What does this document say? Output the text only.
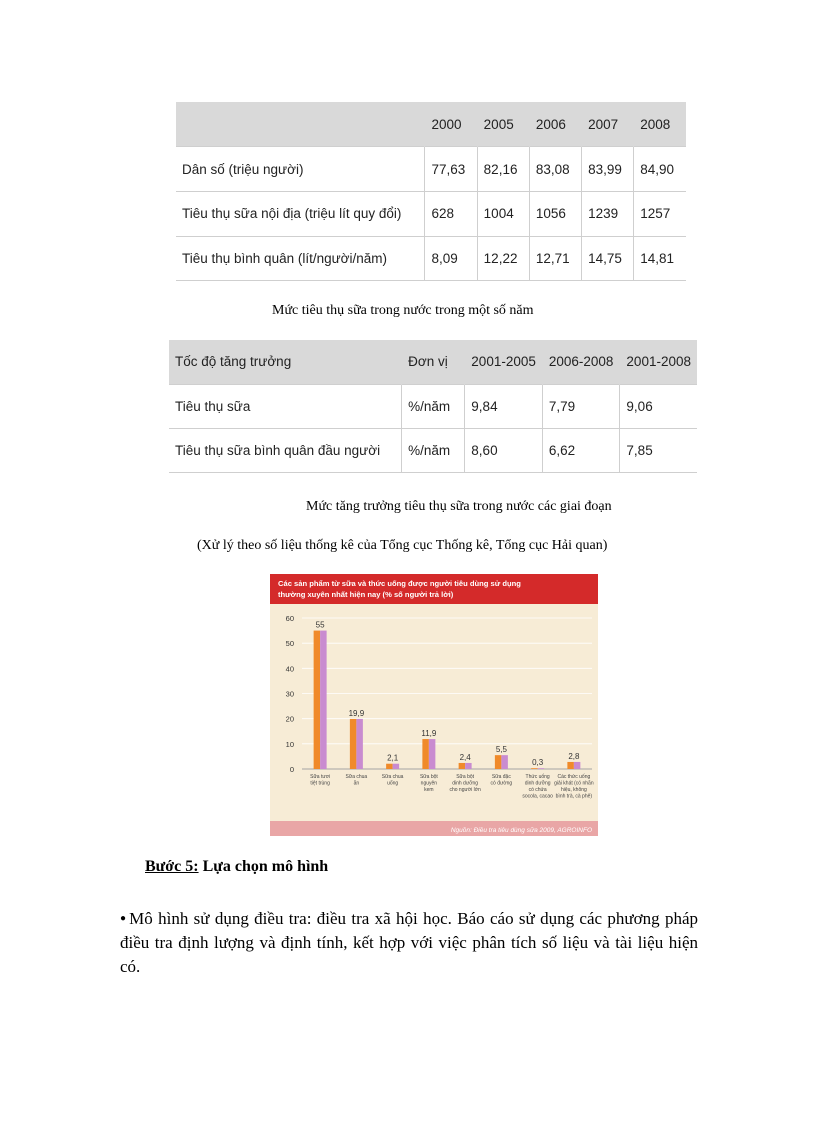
	2000	2005	2006	2007	2008
Dân số (triệu người)	77,63	82,16	83,08	83,99	84,90
Tiêu thụ sữa nội địa (triệu lít quy đổi)	628	1004	1056	1239	1257
Tiêu thụ bình quân (lít/người/năm)	8,09	12,22	12,71	14,75	14,81
Mức tiêu thụ sữa trong nước trong một số năm
Tốc độ tăng trưởng	Đơn vị	2001-2005	2006-2008	2001-2008
Tiêu thụ sữa	%/năm	9,84	7,79	9,06
Tiêu thụ sữa bình quân đầu người	%/năm	8,60	6,62	7,85
Mức tăng trưởng tiêu thụ sữa trong nước các giai đoạn
(Xử lý theo số liệu thống kê của Tổng cục Thống kê, Tổng cục Hải quan)
Các sản phẩm từ sữa và thức uống được người tiêu dùng sử dụng
thường xuyên nhất hiện nay (% số người trả lời)
0
10
20
30
40
50
60
55
19,9
2,1
11,9
2,4
5,5
0,3
2,8
Sữa tươi tiệt trùng
Sữa chua ăn
Sữa chua uống
Sữa bột nguyên kem
Sữa bột dinh dưỡng cho người lớn
Sữa đặc có đường
Thức uống dinh dưỡng có chứa socola, cacao
Các thức uống giải khát (có nhãn hiệu, không bình trà, cà phê)
Nguồn: Điều tra tiêu dùng sữa 2009, AGROINFO
Bước 5: Lựa chọn mô hình
● Mô hình sử dụng điều tra: điều tra xã hội học. Báo cáo sử dụng các phương pháp điều tra định lượng và định tính, kết hợp với việc phân tích số liệu và tài liệu hiện có.
